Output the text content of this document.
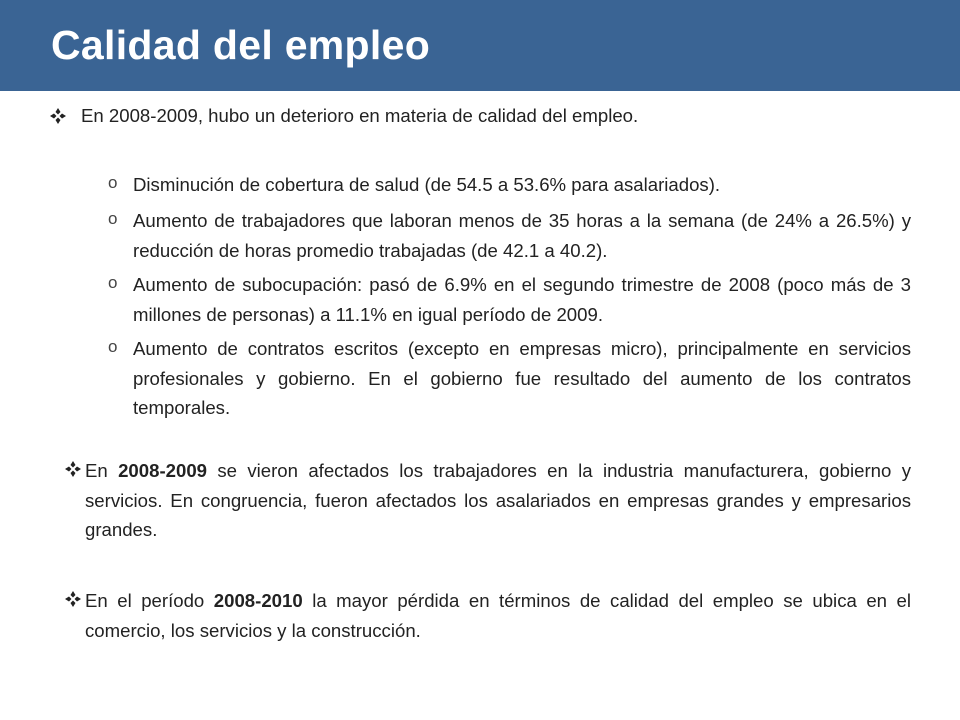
Calidad del empleo
En 2008-2009, hubo un deterioro en materia de calidad del empleo.
o Disminución de cobertura de salud (de 54.5 a 53.6% para asalariados).
o Aumento de trabajadores que laboran menos de 35 horas a la semana (de 24% a 26.5%) y reducción de horas promedio trabajadas (de 42.1 a 40.2).
o Aumento de subocupación: pasó de 6.9% en el segundo trimestre de 2008 (poco más de 3 millones de personas) a 11.1% en igual período de 2009.
o Aumento de contratos escritos (excepto en empresas micro), principalmente en servicios profesionales y gobierno. En el gobierno fue resultado del aumento de los contratos temporales.
En 2008-2009 se vieron afectados los trabajadores en la industria manufacturera, gobierno y servicios. En congruencia, fueron afectados los asalariados en empresas grandes y empresarios grandes.
En el período 2008-2010 la mayor pérdida en términos de calidad del empleo se ubica en el comercio, los servicios y la construcción.
